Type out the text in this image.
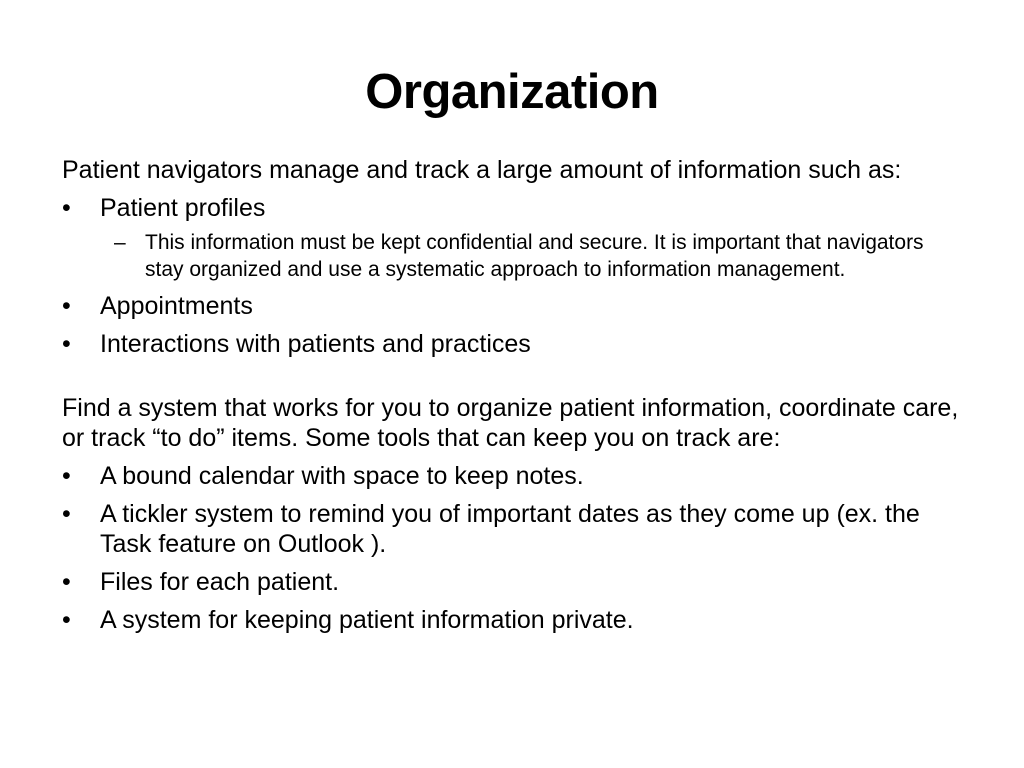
Organization

Patient navigators manage and track a large amount of information such as:

• Patient profiles
– This information must be kept confidential and secure. It is important that navigators stay organized and use a systematic approach to information management.
• Appointments
• Interactions with patients and practices

Find a system that works for you to organize patient information, coordinate care, or track “to do” items. Some tools that can keep you on track are:

• A bound calendar with space to keep notes.
• A tickler system to remind you of important dates as they come up (ex. the Task feature on Outlook ).
• Files for each patient.
• A system for keeping patient information private.
